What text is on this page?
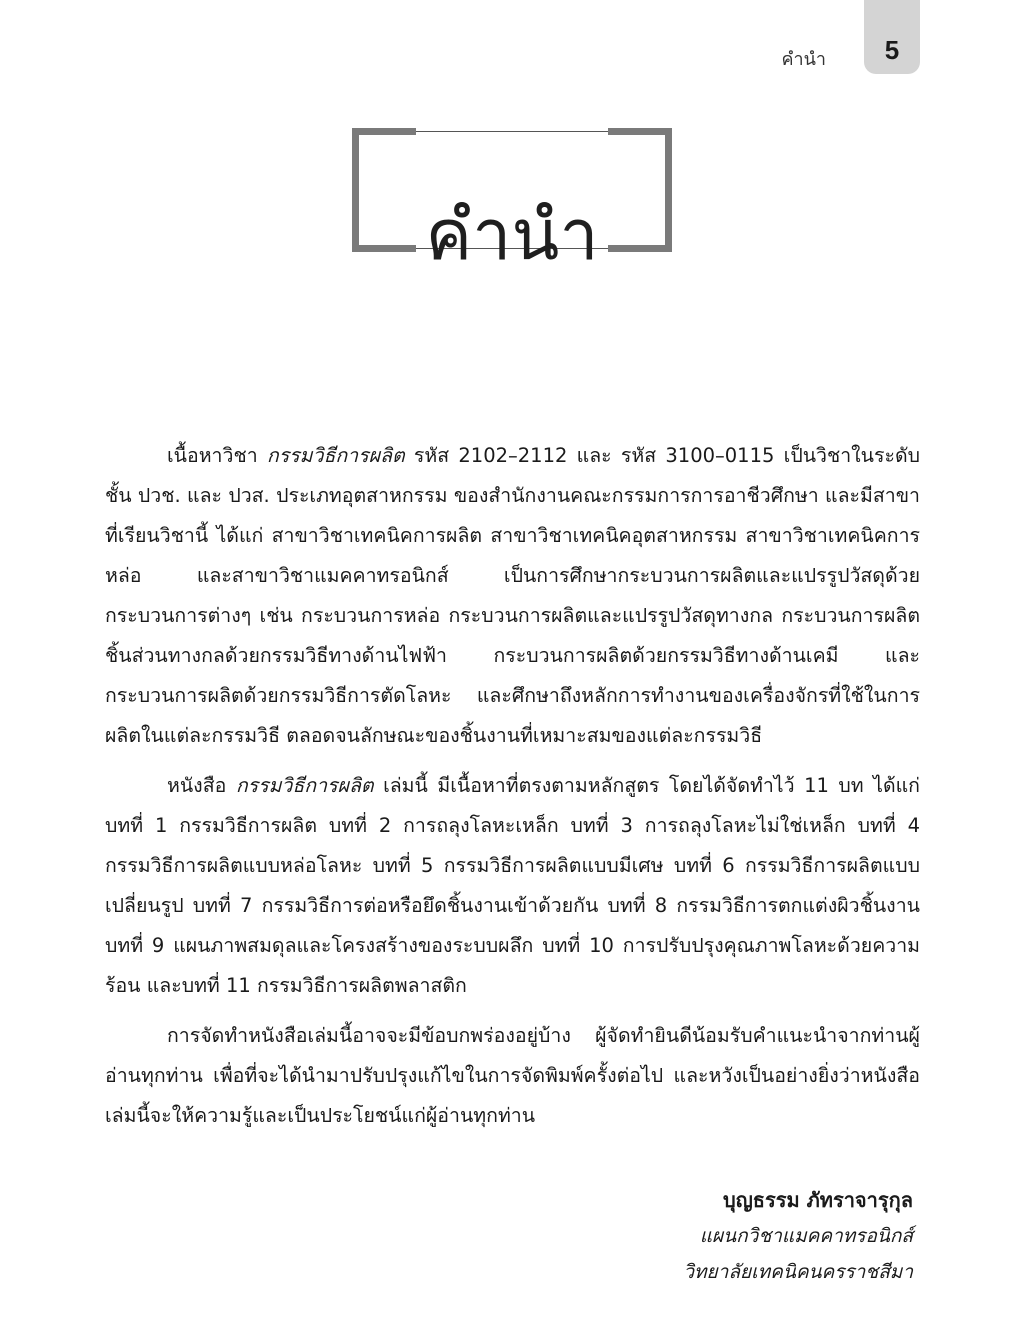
คำนำ 5
คำนำ

เนื้อหาวิชา กรรมวิธีการผลิต รหัส 2102–2112 และ รหัส 3100–0115 เป็นวิชาในระดับชั้น ปวช. และ ปวส. ประเภทอุตสาหกรรม ของสำนักงานคณะกรรมการการอาชีวศึกษา และมีสาขาที่เรียนวิชานี้ ได้แก่ สาขาวิชาเทคนิคการผลิต สาขาวิชาเทคนิคอุตสาหกรรม สาขาวิชาเทคนิคการหล่อ และสาขาวิชาแมคคาทรอนิกส์ เป็นการศึกษากระบวนการผลิตและแปรรูปวัสดุด้วยกระบวนการต่างๆ เช่น กระบวนการหล่อ กระบวนการผลิตและแปรรูปวัสดุทางกล กระบวนการผลิตชิ้นส่วนทางกลด้วยกรรมวิธีทางด้านไฟฟ้า กระบวนการผลิตด้วยกรรมวิธีทางด้านเคมี และกระบวนการผลิตด้วยกรรมวิธีการตัดโลหะ และศึกษาถึงหลักการทำงานของเครื่องจักรที่ใช้ในการผลิตในแต่ละกรรมวิธี ตลอดจนลักษณะของชิ้นงานที่เหมาะสมของแต่ละกรรมวิธี

หนังสือ กรรมวิธีการผลิต เล่มนี้ มีเนื้อหาที่ตรงตามหลักสูตร โดยได้จัดทำไว้ 11 บท ได้แก่ บทที่ 1 กรรมวิธีการผลิต บทที่ 2 การถลุงโลหะเหล็ก บทที่ 3 การถลุงโลหะไม่ใช่เหล็ก บทที่ 4 กรรมวิธีการผลิตแบบหล่อโลหะ บทที่ 5 กรรมวิธีการผลิตแบบมีเศษ บทที่ 6 กรรมวิธีการผลิตแบบเปลี่ยนรูป บทที่ 7 กรรมวิธีการต่อหรือยึดชิ้นงานเข้าด้วยกัน บทที่ 8 กรรมวิธีการตกแต่งผิวชิ้นงาน บทที่ 9 แผนภาพสมดุลและโครงสร้างของระบบผลึก บทที่ 10 การปรับปรุงคุณภาพโลหะด้วยความร้อน และบทที่ 11 กรรมวิธีการผลิตพลาสติก

การจัดทำหนังสือเล่มนี้อาจจะมีข้อบกพร่องอยู่บ้าง ผู้จัดทำยินดีน้อมรับคำแนะนำจากท่านผู้อ่านทุกท่าน เพื่อที่จะได้นำมาปรับปรุงแก้ไขในการจัดพิมพ์ครั้งต่อไป และหวังเป็นอย่างยิ่งว่าหนังสือเล่มนี้จะให้ความรู้และเป็นประโยชน์แก่ผู้อ่านทุกท่าน

บุญธรรม ภัทราจารุกุล
แผนกวิชาแมคคาทรอนิกส์
วิทยาลัยเทคนิคนครราชสีมา
